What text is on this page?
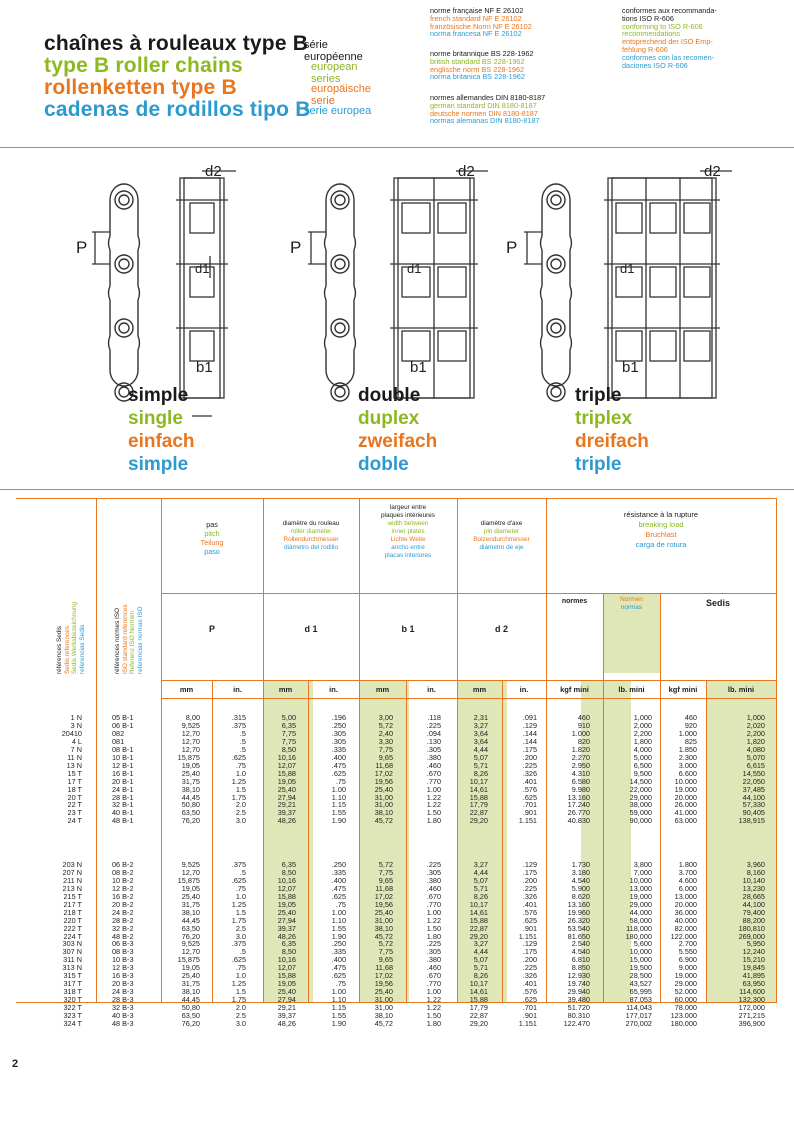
chaînes à rouleaux type B
type B roller chains
rollenketten type B
cadenas de rodillos tipo B
série européenne
european series
europäische serie
serie europea
norme française NF E 26102
french standard NF E 26102
französische Norm NF E 26102
norma francesa NF E 26102
norme britannique BS 228-1962
british standard BS 228-1962
englische norm BS 228-1962
norma britanica BS 228-1962
normes allemandes DIN 8180-8187
german standard DIN 8180-8187
deutsche normen DIN 8180-8187
normas alemanas DIN 8180-8187
conformes aux recommanda-
tions ISO R-606
conforming to ISO R-606
recommendations
entsprechend der ISO Emp-
fehlung R-606
conformes con las recomen-
daciones ISO R-606
P
d2
d1
b1
P
d2
d1
b1
P
d2
d1
b1
simple
single
einfach
simple
double
duplex
zweifach
doble
triple
triplex
dreifach
triple
références Sedis Sedis references Sedis Werksbezeichnung referencias Sedis	références normes ISO ISO standard references Referenz ISO Normen referencias normas ISO
pas
pitch
Teilung
paso
diamètre du rouleau
roller diameter
Rollendurchmesser
diámetro del rodillo
largeur entre
plaques intérieures
width between
inner plates
Lichte Weite
ancho entre
placas interiores
diamètre d'axe
pin diameter
Bolzendurchmesser
diámetro de eje
résistance à la rupture
breaking load
Bruchlast
carga de rotura
P	d 1	b 1	d 2
normes	Normen
normas	Sedis
mm	in.	mm	in.	mm	in.	mm	in.	kgf mini	lb. mini	kgf mini	lb. mini
1 N	05 B-1	8,00	.315	5,00	.196	3,00	.118	2,31	.091	460	1,000	460	1,000
3 N	06 B-1	9,525	.375	6,35	.250	5,72	.225	3,27	.129	910	2,000	920	2,020
20410	082	12,70	.5	7,75	.305	2,40	.094	3,64	.144	1.000	2,200	1.000	2,200
4 L	081	12,70	.5	7,75	.305	3,30	.130	3,64	.144	820	1,800	825	1,820
7 N	08 B-1	12,70	.5	8,50	.335	7,75	.305	4,44	.175	1.820	4,000	1.850	4,080
11 N	10 B-1	15,875	.625	10,16	.400	9,65	.380	5,07	.200	2.270	5,000	2.300	5,070
13 N	12 B-1	19,05	.75	12,07	.475	11,68	.460	5,71	.225	2.950	6,500	3.000	6,615
15 T	16 B-1	25,40	1.0	15,88	.625	17,02	.670	8,26	.326	4.310	9,500	6.600	14,550
17 T	20 B-1	31,75	1.25	19,05	.75	19,56	.770	10,17	.401	6.580	14,500	10.000	22,050
18 T	24 B-1	38,10	1.5	25,40	1.00	25,40	1.00	14,61	.576	9.980	22,000	19.000	37,485
20 T	28 B-1	44,45	1.75	27,94	1.10	31,00	1.22	15,88	.625	13.160	29,000	20.000	44,100
22 T	32 B-1	50,80	2.0	29,21	1.15	31,00	1.22	17,79	.701	17.240	38,000	26.000	57,330
23 T	40 B-1	63,50	2.5	39,37	1.55	38,10	1.50	22,87	.901	26.770	59,000	41.000	90,405
24 T	48 B-1	76,20	3.0	48,26	1.90	45,72	1.80	29,20	1.151	40.830	90,000	63.000	138,915
203 N	06 B-2	9,525	.375	6,35	.250	5,72	.225	3,27	.129	1.730	3,800	1.800	3,960
207 N	08 B-2	12,70	.5	8,50	.335	7,75	.305	4,44	.175	3.180	7,000	3.700	8,160
211 N	10 B-2	15,875	.625	10,16	.400	9,65	.380	5,07	.200	4.540	10,000	4.600	10,140
213 N	12 B-2	19,05	.75	12,07	.475	11,68	.460	5,71	.225	5.900	13,000	6.000	13,230
215 T	16 B-2	25,40	1.0	15,88	.625	17,02	.670	8,26	.326	8.620	19,000	13.000	28,665
217 T	20 B-2	31,75	1.25	19,05	.75	19,56	.770	10,17	.401	13.160	29,000	20.000	44,100
218 T	24 B-2	38,10	1.5	25,40	1.00	25,40	1.00	14,61	.576	19.960	44,000	36.000	79,400
220 T	28 B-2	44,45	1.75	27,94	1.10	31,00	1.22	15,88	.625	26.320	58,000	40.000	88,200
222 T	32 B-2	63,50	2.5	39,37	1.55	38,10	1.50	22,87	.901	53.540	118,000	82.000	180,810
224 T	48 B-2	76,20	3.0	48,26	1.90	45,72	1.80	29,20	1.151	81.650	180,000	122.000	269,000
303 N	06 B-3	9,525	.375	6,35	.250	5,72	.225	3,27	.129	2.540	5,600	2.700	5,950
307 N	08 B-3	12,70	.5	8,50	.335	7,75	.305	4,44	.175	4.540	10,000	5.550	12,240
311 N	10 B-3	15,875	.625	10,16	.400	9,65	.380	5,07	.200	6.810	15,000	6.900	15,210
313 N	12 B-3	19,05	.75	12,07	.475	11,68	.460	5,71	.225	8.850	19,500	9.000	19,845
315 T	16 B-3	25,40	1.0	15,88	.625	17,02	.670	8,26	.326	12.930	28,500	19.000	41,895
317 T	20 B-3	31,75	1.25	19,05	.75	19,56	.770	10,17	.401	19.740	43,527	29.000	63,950
318 T	24 B-3	38,10	1.5	25,40	1.00	25,40	1.00	14,61	.576	29.940	65,995	52.000	114,600
320 T	28 B-3	44,45	1.75	27,94	1.10	31,00	1.22	15,88	.625	39.480	87,053	60.000	132,300
322 T	32 B-3	50,80	2.0	29,21	1.15	31,00	1.22	17,79	.701	51.720	114,043	78.000	172,000
323 T	40 B-3	63,50	2.5	39,37	1.55	38,10	1.50	22,87	.901	80.310	177,017	123.000	271,215
324 T	48 B-3	76,20	3.0	48,26	1.90	45,72	1.80	29,20	1.151	122.470	270,002	180.000	396,900
2
